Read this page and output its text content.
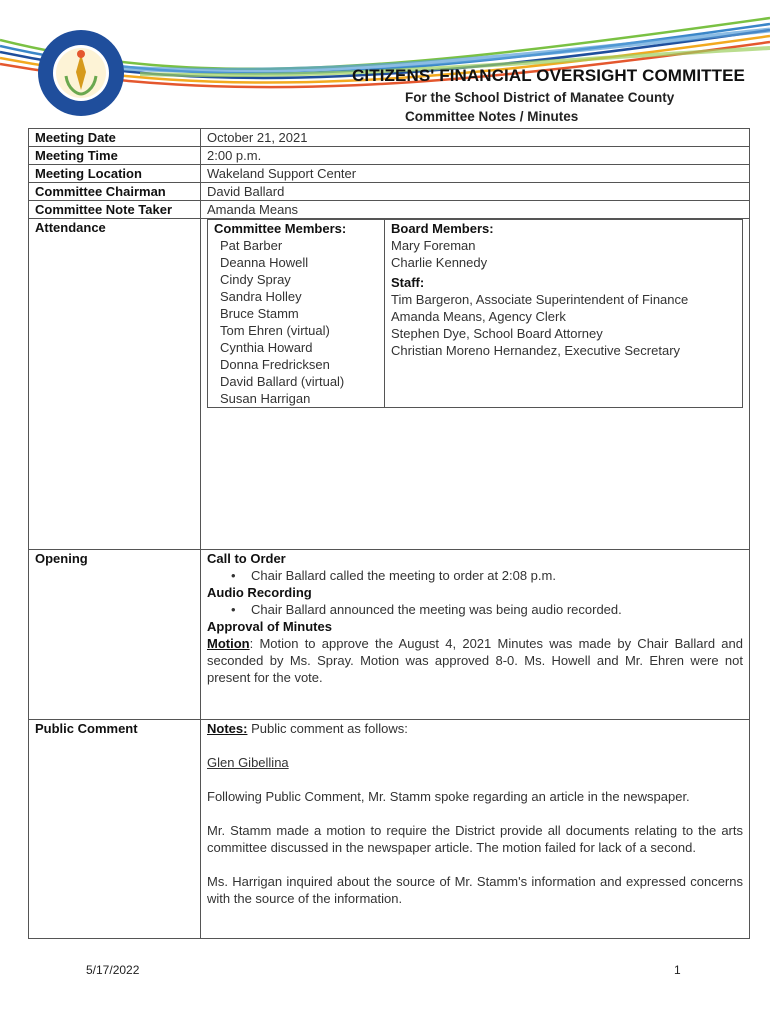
CITIZENS' FINANCIAL OVERSIGHT COMMITTEE
For the School District of Manatee County
Committee Notes / Minutes
Meeting Date	October 21, 2021
Meeting Time	2:00 p.m.
Meeting Location	Wakeland Support Center
Committee Chairman	David Ballard
Committee Note Taker	Amanda Means
Attendance		Committee Members:
Pat Barber
Deanna Howell
Cindy Spray
Sandra Holley
Bruce Stamm
Tom Ehren (virtual)
Cynthia Howard
Donna Fredricksen
David Ballard (virtual)
Susan Harrigan

Board Members:
Mary Foreman
Charlie Kennedy
Staff:
Tim Bargeron, Associate Superintendent of Finance
Amanda Means, Agency Clerk
Stephen Dye, School Board Attorney
Christian Moreno Hernandez, Executive Secretary

Opening	Call to Order
• Chair Ballard called the meeting to order at 2:08 p.m.
Audio Recording
• Chair Ballard announced the meeting was being audio recorded.
Approval of Minutes

Motion: Motion to approve the August 4, 2021 Minutes was made by Chair Ballard and seconded by Ms. Spray. Motion was approved 8-0. Ms. Howell and Mr. Ehren were not present for the vote.

Public Comment	Notes: Public comment as follows:

Glen Gibellina

Following Public Comment, Mr. Stamm spoke regarding an article in the newspaper.

Mr. Stamm made a motion to require the District provide all documents relating to the arts committee discussed in the newspaper article. The motion failed for lack of a second.

Ms. Harrigan inquired about the source of Mr. Stamm's information and expressed concerns with the source of the information.

5/17/2022	1
